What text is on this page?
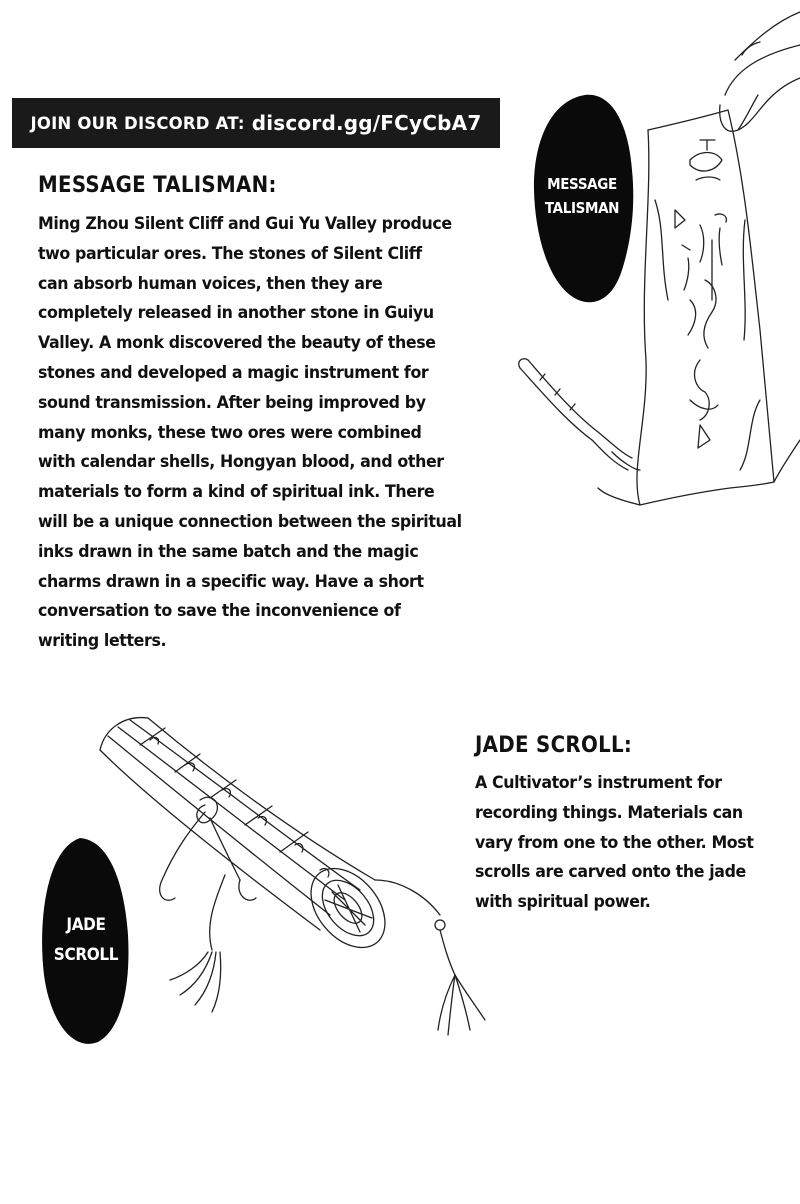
JOIN OUR DISCORD AT: discord.gg/FCyCbA7
MESSAGE
TALISMAN
MESSAGE TALISMAN:
Ming Zhou Silent Cliff and Gui Yu Valley produce
two particular ores. The stones of Silent Cliff
can absorb human voices, then they are
completely released in another stone in Guiyu
Valley. A monk discovered the beauty of these
stones and developed a magic instrument for
sound transmission. After being improved by
many monks, these two ores were combined
with calendar shells, Hongyan blood, and other
materials to form a kind of spiritual ink. There
will be a unique connection between the spiritual
inks drawn in the same batch and the magic
charms drawn in a specific way. Have a short
conversation to save the inconvenience of
writing letters.
JADE
SCROLL
JADE SCROLL:
A Cultivator’s instrument for
recording things. Materials can
vary from one to the other. Most
scrolls are carved onto the jade
with spiritual power.
